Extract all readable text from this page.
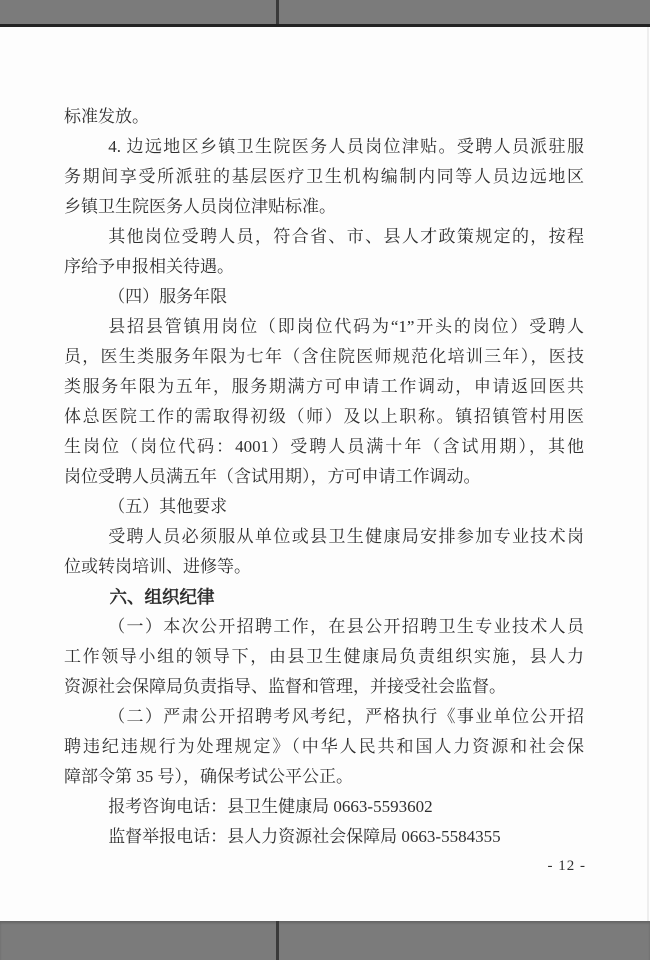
标准发放。
4. 边远地区乡镇卫生院医务人员岗位津贴。受聘人员派驻服
务期间享受所派驻的基层医疗卫生机构编制内同等人员边远地区
乡镇卫生院医务人员岗位津贴标准。
其他岗位受聘人员，符合省、市、县人才政策规定的，按程
序给予申报相关待遇。
（四）服务年限
县招县管镇用岗位（即岗位代码为“1”开头的岗位）受聘人
员，医生类服务年限为七年（含住院医师规范化培训三年），医技
类服务年限为五年，服务期满方可申请工作调动，申请返回医共
体总医院工作的需取得初级（师）及以上职称。镇招镇管村用医
生岗位（岗位代码：4001）受聘人员满十年（含试用期），其他
岗位受聘人员满五年（含试用期），方可申请工作调动。
（五）其他要求
受聘人员必须服从单位或县卫生健康局安排参加专业技术岗
位或转岗培训、进修等。
六、组织纪律
（一）本次公开招聘工作，在县公开招聘卫生专业技术人员
工作领导小组的领导下，由县卫生健康局负责组织实施，县人力
资源社会保障局负责指导、监督和管理，并接受社会监督。
（二）严肃公开招聘考风考纪，严格执行《事业单位公开招
聘违纪违规行为处理规定》（中华人民共和国人力资源和社会保
障部令第 35 号），确保考试公平公正。
报考咨询电话：县卫生健康局 0663-5593602
监督举报电话：县人力资源社会保障局 0663-5584355
- 12 -
